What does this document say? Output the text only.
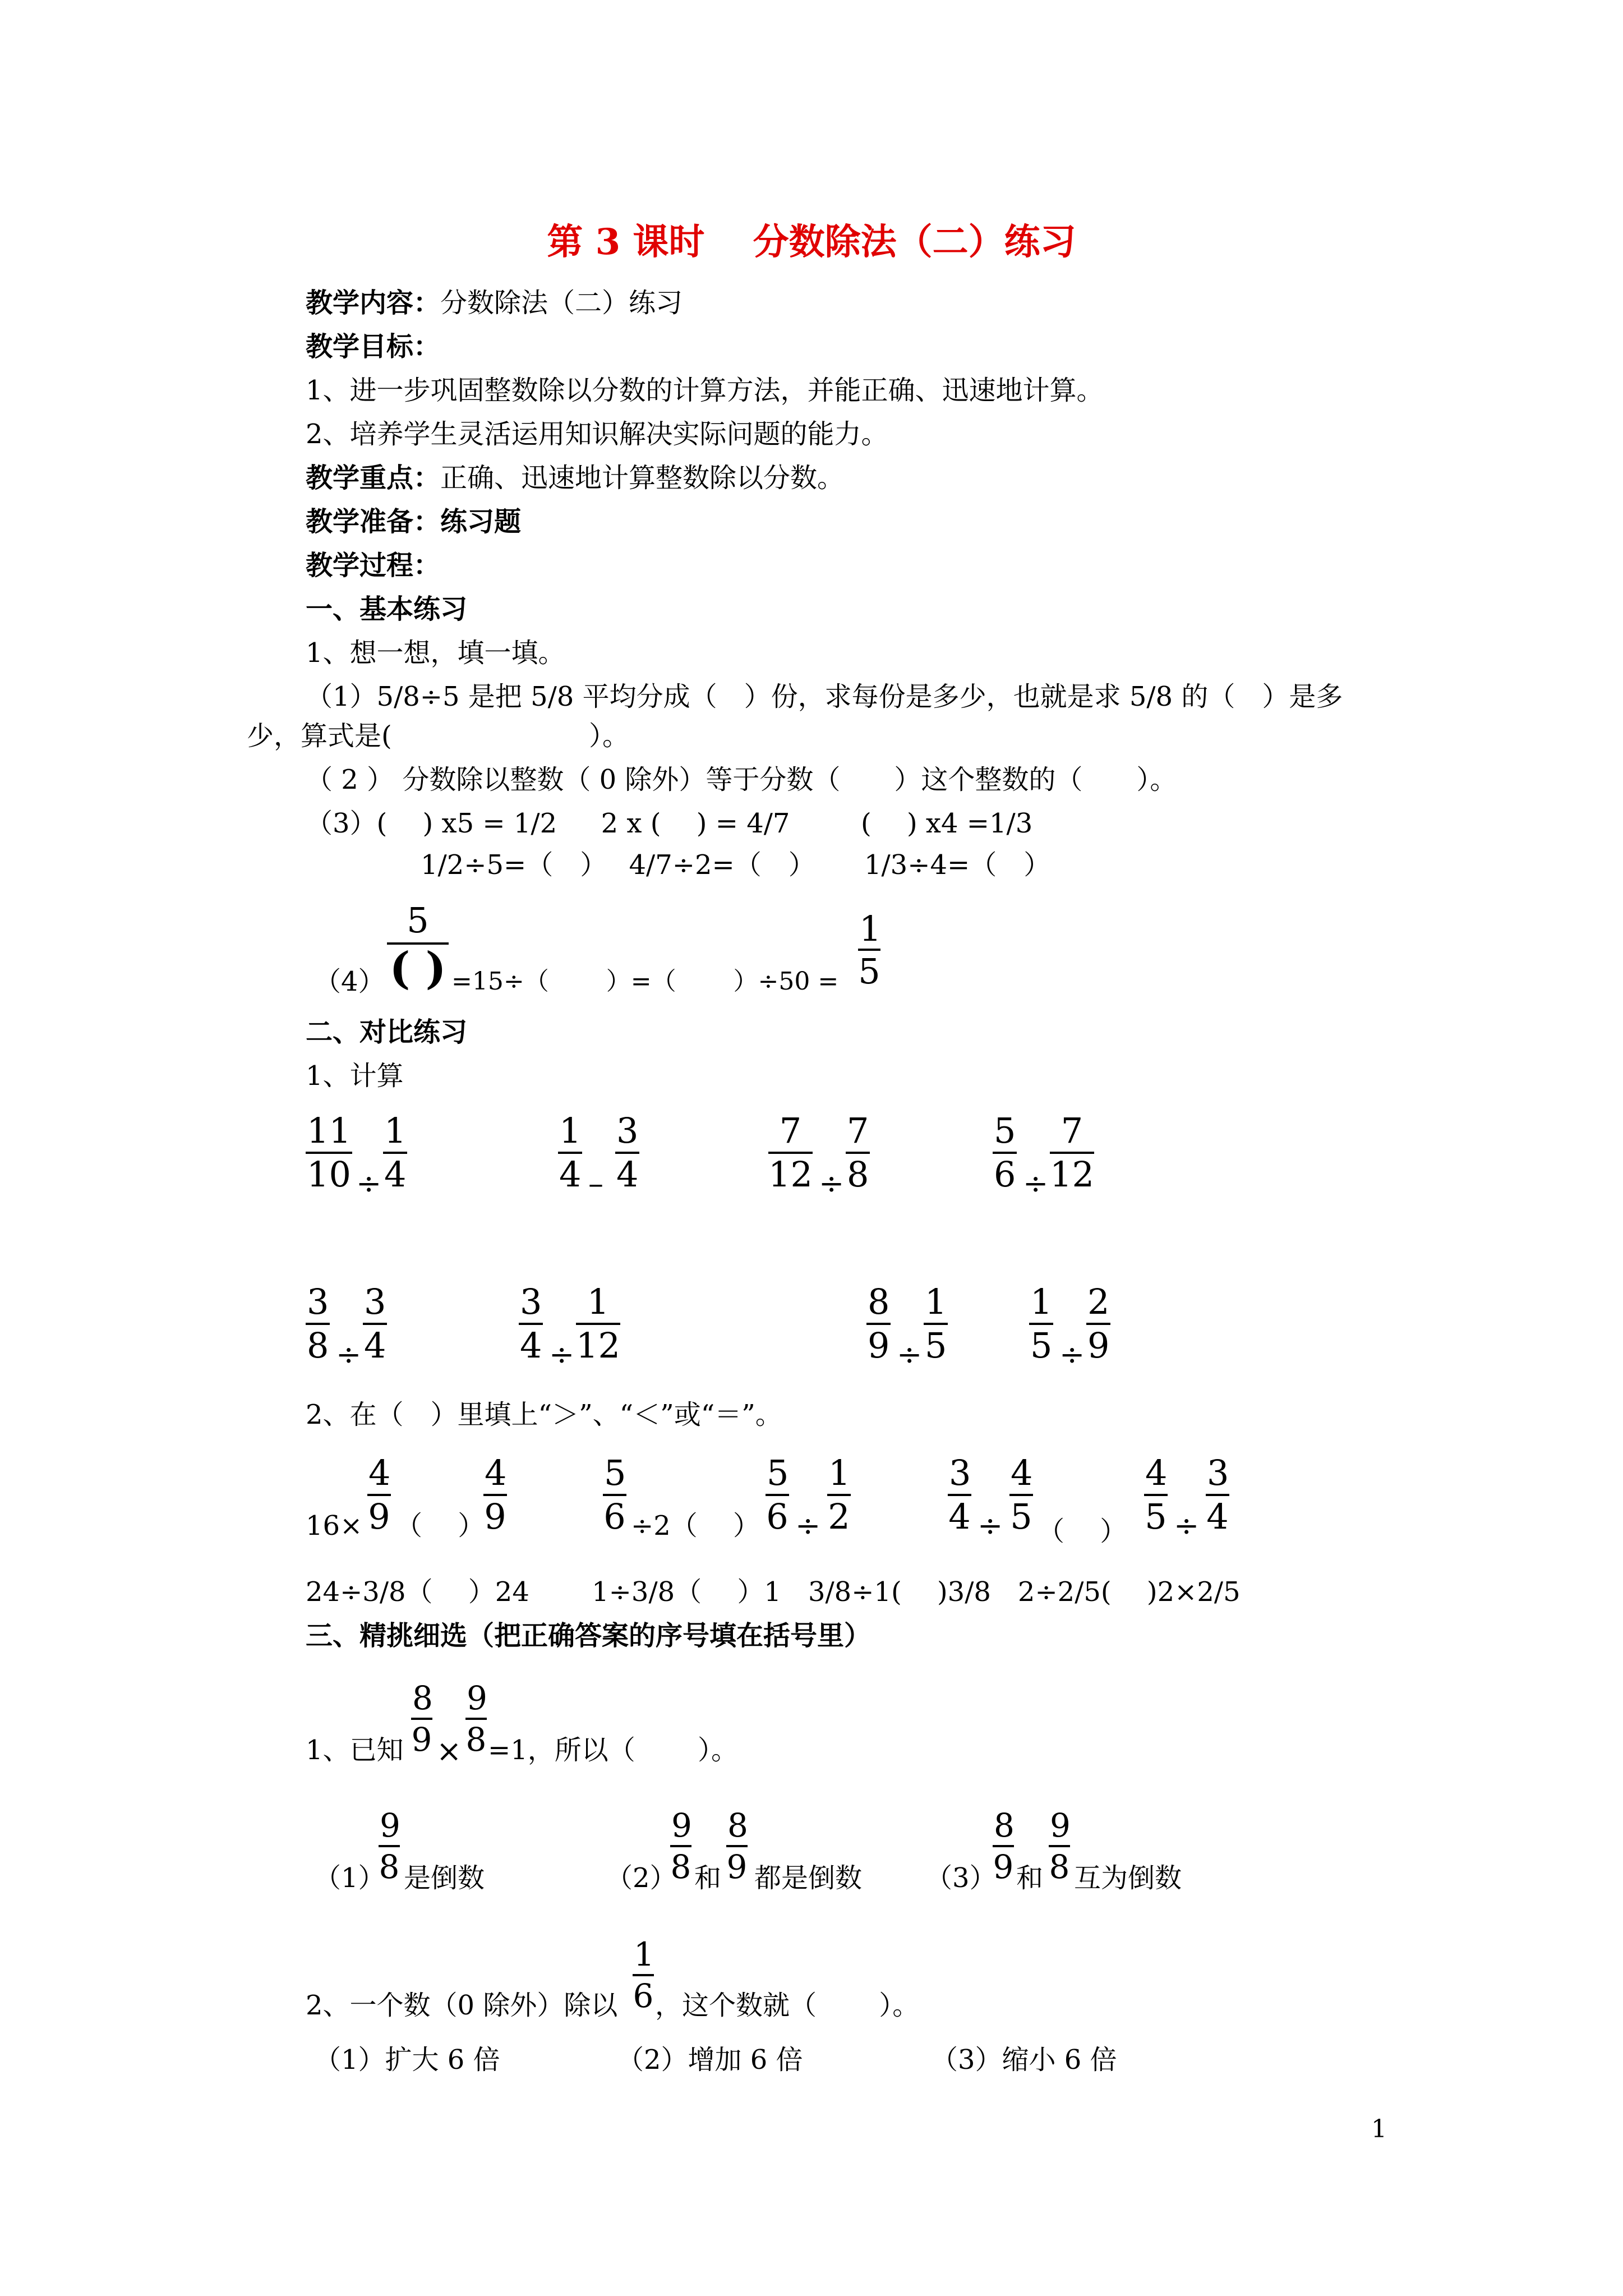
第 3 课时　 分数除法（二）练习
教学内容：分数除法（二）练习
教学目标：
1、进一步巩固整数除以分数的计算方法，并能正确、迅速地计算。
2、培养学生灵活运用知识解决实际问题的能力。
教学重点：正确、迅速地计算整数除以分数。
教学准备：练习题
教学过程：
一、基本练习
1、想一想，填一填。
（1）5/8÷5 是把 5/8 平均分成（　）份，求每份是多少，也就是求 5/8 的（　）是多
少，算式是(　　　　　　　 ）。
（ 2 ） 分数除以整数（ 0 除外）等于分数（　　）这个整数的（　　）。
（3）(　 ) x5 = 1/2 　 2 x (　 ) = 4/7 　 　(　 ) x4 =1/3
1/2÷5=（　）　 4/7÷2=（　）　　 1/3÷4=（　）
（4）
5
( ) =15÷（　　 ）=（　　 ）$\div 50 = \frac{1}{5}$
二、对比练习
1、计算
$\frac{11}{10} \div \frac{1}{4}$	$\frac{1}{4} - \frac{3}{4}$	$\frac{7}{12} \div \frac{7}{8}$	$\frac{5}{6} \div \frac{7}{12}$
$\frac{3}{8} \div \frac{3}{4}$	$\frac{3}{4} \div \frac{1}{12}$	$\frac{8}{9} \div \frac{1}{5} \frac{1}{5} \div \frac{2}{9}$
2、在（　）里填上“＞”、“＜”或“＝”。
$16\times \frac{4}{9}$ （　 ）
$\frac{4}{9}$	$\frac{5}{6} \div 2$（　 ） $\frac{5}{6} \div \frac{1}{2}$	$\frac{3}{4} \div \frac{4}{5}$ （　 ） $\frac{4}{5} \div \frac{3}{4}$
24÷3/8（　 ）24　　 1÷3/8（　 ）1　3/8÷1(　 )3/8　2÷2/5(　 )2×2/5
三、精挑细选（把正确答案的序号填在括号里）
1、已知 $\frac{8}{9} \times \frac{9}{8} =1$，所以（　　 ）。
（1）
$\frac{9}{8}$ 是倒数	（2）
$\frac{9}{8}$ 和 $\frac{8}{9}$ 都是倒数 （3）
$\frac{8}{9}$ 和 $\frac{9}{8}$ 互为倒数
2、一个数（0 除外）除以 $\frac{1}{6}$ ，这个数就（　　 ）。
（1）扩大 6 倍	（2）增加 6 倍	（3）缩小 6 倍
1
